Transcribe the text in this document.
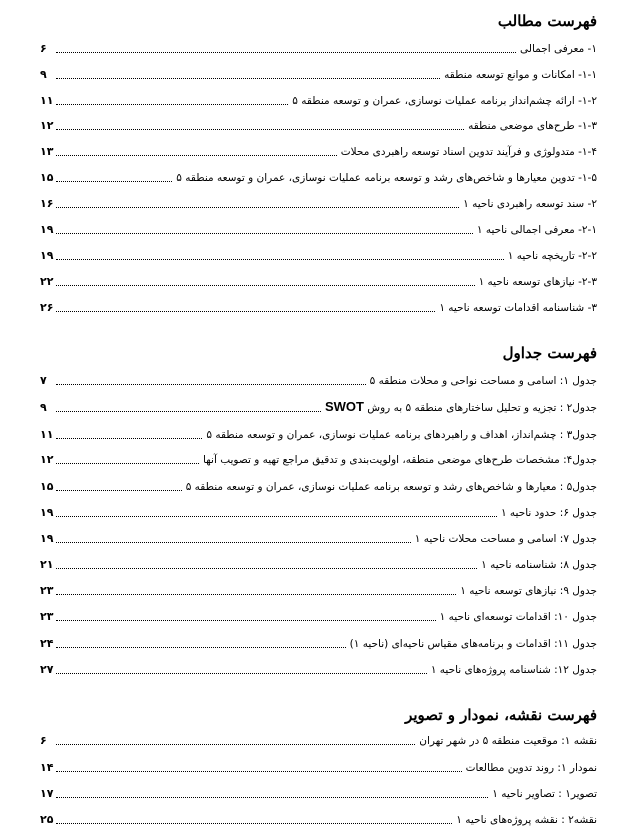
فهرست مطالب
۱- معرفی اجمالی
۶
۱-۱- امکانات و موانع توسعه منطقه
۹
۱-۲- ارائه چشم‌انداز برنامه عملیات نوسازی، عمران و توسعه منطقه ۵
۱۱
۱-۳- طرح‌های موضعی منطقه
۱۲
۱-۴- متدولوژی و فرآیند تدوین اسناد توسعه راهبردی محلات
۱۳
۱-۵- تدوین معیارها و شاخص‌های رشد و توسعه برنامه عملیات نوسازی، عمران و توسعه منطقه ۵
۱۵
۲- سند توسعه راهبردی ناحیه ۱
۱۶
۲-۱- معرفی اجمالی ناحیه ۱
۱۹
۲-۲- تاریخچه ناحیه ۱
۱۹
۲-۳- نیازهای توسعه ناحیه ۱
۲۲
۳- شناسنامه اقدامات توسعه ناحیه ۱
۲۶
فهرست جداول
جدول ۱: اسامی و مساحت نواحی و محلات منطقه ۵
۷
جدول۲ : تجزیه و تحلیل ساختارهای منطقه ۵ به روش SWOT
۹
جدول۳ : چشم‌انداز، اهداف و راهبردهای برنامه عملیات نوسازی، عمران و توسعه منطقه ۵
۱۱
جدول۴: مشخصات طرح‌های موضعی منطقه، اولویت‌بندی و تدقیق مراجع تهیه و تصویب آنها
۱۲
جدول۵ : معیارها و شاخص‌های رشد و توسعه برنامه عملیات نوسازی، عمران و توسعه منطقه ۵
۱۵
جدول ۶: حدود ناحیه ۱
۱۹
جدول ۷: اسامی و مساحت محلات ناحیه ۱
۱۹
جدول ۸: شناسنامه ناحیه ۱
۲۱
جدول ۹: نیازهای توسعه ناحیه ۱
۲۳
جدول ۱۰: اقدامات توسعه‌ای ناحیه ۱
۲۳
جدول ۱۱: اقدامات و برنامه‌های مقیاس ناحیه‌ای (ناحیه ۱)
۲۴
جدول ۱۲: شناسنامه پروژه‌های ناحیه ۱
۲۷
فهرست نقشه، نمودار و تصویر
نقشه ۱: موقعیت منطقه ۵ در شهر تهران
۶
نمودار ۱: روند تدوین مطالعات
۱۴
تصویر۱ : تصاویر ناحیه ۱
۱۷
نقشه۲ : نقشه پروژه‌های ناحیه ۱
۲۵
